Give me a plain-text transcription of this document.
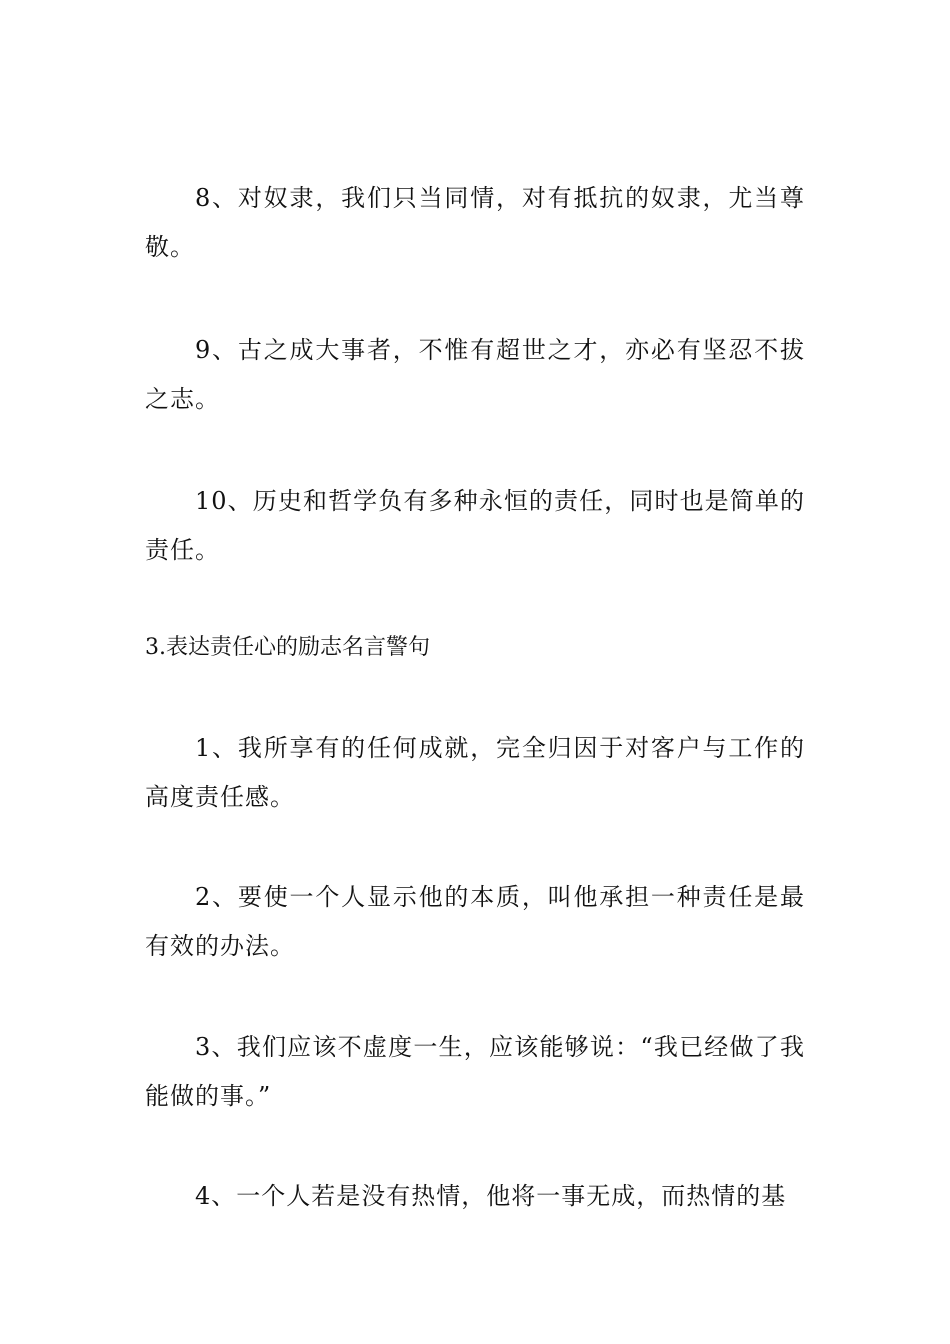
8、对奴隶，我们只当同情，对有抵抗的奴隶，尤当尊敬。

9、古之成大事者，不惟有超世之才，亦必有坚忍不拔之志。

10、历史和哲学负有多种永恒的责任，同时也是简单的责任。

3.表达责任心的励志名言警句

1、我所享有的任何成就，完全归因于对客户与工作的高度责任感。

2、要使一个人显示他的本质，叫他承担一种责任是最有效的办法。

3、我们应该不虚度一生，应该能够说：“我已经做了我能做的事。”

4、一个人若是没有热情，他将一事无成，而热情的基
